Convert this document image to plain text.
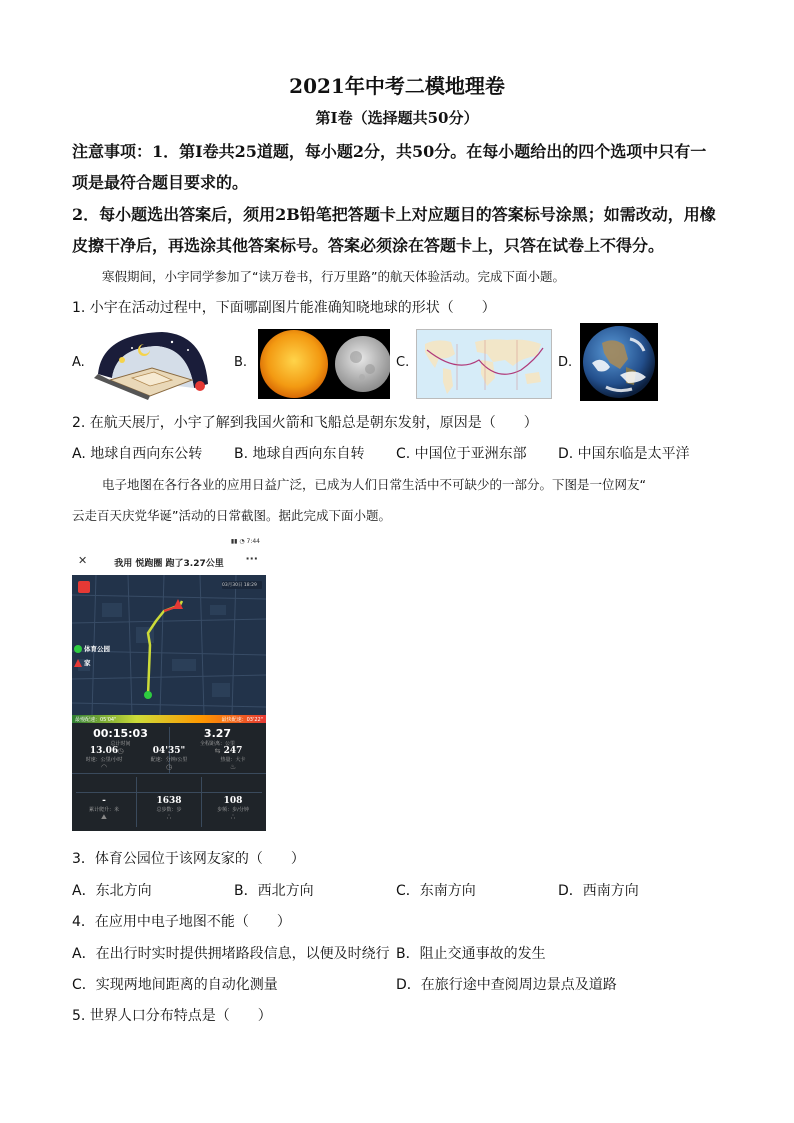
2021年中考二模地理卷
第Ⅰ卷（选择题共50分）
注意事项：1．第Ⅰ卷共25道题，每小题2分，共50分。在每小题给出的四个选项中只有一
项是最符合题目要求的。
2．每小题选出答案后，须用2B铅笔把答题卡上对应题目的答案标号涂黑；如需改动，用橡
皮擦干净后，再选涂其他答案标号。答案必须涂在答题卡上，只答在试卷上不得分。
寒假期间，小宇同学参加了“读万卷书，行万里路”的航天体验活动。完成下面小题。
1. 小宇在活动过程中，下面哪副图片能准确知晓地球的形状（　　）
A.	B.	C.	D.
2. 在航天展厅，小宇了解到我国火箭和飞船总是朝东发射，原因是（　　）
A. 地球自西向东公转 B. 地球自西向东自转 C. 中国位于亚洲东部 D. 中国东临是太平洋
电子地图在各行各业的应用日益广泛，已成为人们日常生活中不可缺少的一部分。下图是一位网友“
云走百天庆党华诞”活动的日常截图。据此完成下面小题。
▮▮ ◔ 7:44
✕	我用 悦跑圈 跑了3.27公里	···
03月30日 18:29
体育公园
家
最慢配速：05'04"	最快配速：03'22"
00:15:03
总计时间
◷
3.27
全程距离：公里
⇆
13.06
时速：公里/小时
◠
04'35"
配速：分钟/公里
◷
247
热量：大卡
♨
-
累计爬升：米
⛰
1638
总步数：步
∴
108
步频：步/分钟
∴
3．体育公园位于该网友家的（　　）
A．东北方向	B．西北方向	C．东南方向	D．西南方向
4．在应用中电子地图不能（　　）
A．在出行时实时提供拥堵路段信息，以便及时绕行 B．阻止交通事故的发生
C．实现两地间距离的自动化测量	D．在旅行途中查阅周边景点及道路
5. 世界人口分布特点是（　　）
